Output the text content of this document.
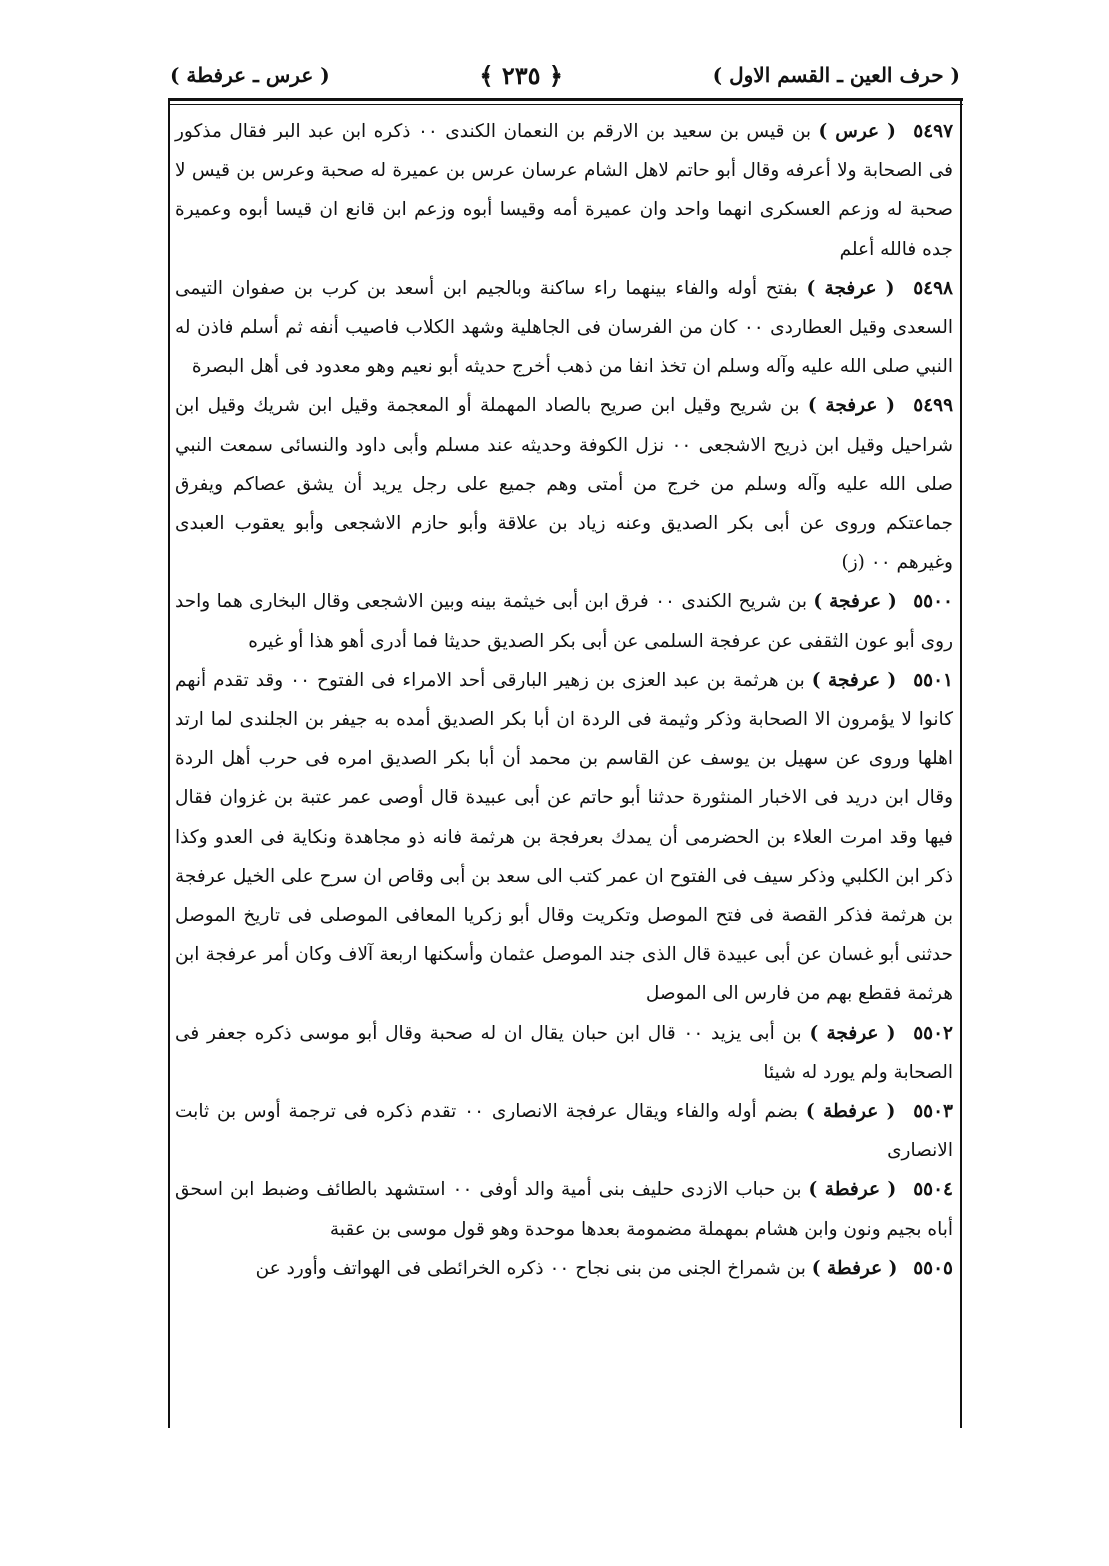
( حرف العين ـ القسم الاول )
﴿ ٢٣٥ ﴾
( عرس ـ عرفطة )

٥٤٩٧ ( عرس ) بن قيس بن سعيد بن الارقم بن النعمان الكندى ٠٠ ذكره ابن عبد البر فقال مذكور فى الصحابة ولا أعرفه وقال أبو حاتم لاهل الشام عرسان عرس بن عميرة له صحبة وعرس بن قيس لا صحبة له وزعم العسكرى انهما واحد وان عميرة أمه وقيسا أبوه وزعم ابن قانع ان قيسا أبوه وعميرة جده فالله أعلم

٥٤٩٨ ( عرفجة ) بفتح أوله والفاء بينهما راء ساكنة وبالجيم ابن أسعد بن كرب بن صفوان التيمى السعدى وقيل العطاردى ٠٠ كان من الفرسان فى الجاهلية وشهد الكلاب فاصيب أنفه ثم أسلم فاذن له النبي صلى الله عليه وآله وسلم ان تخذ انفا من ذهب أخرج حديثه أبو نعيم وهو معدود فى أهل البصرة

٥٤٩٩ ( عرفجة ) بن شريح وقيل ابن صريح بالصاد المهملة أو المعجمة وقيل ابن شريك وقيل ابن شراحيل وقيل ابن ذريح الاشجعى ٠٠ نزل الكوفة وحديثه عند مسلم وأبى داود والنسائى سمعت النبي صلى الله عليه وآله وسلم من خرج من أمتى وهم جميع على رجل يريد أن يشق عصاكم ويفرق جماعتكم وروى عن أبى بكر الصديق وعنه زياد بن علاقة وأبو حازم الاشجعى وأبو يعقوب العبدى وغيرهم ٠٠ (ز)

٥٥٠٠ ( عرفجة ) بن شريح الكندى ٠٠ فرق ابن أبى خيثمة بينه وبين الاشجعى وقال البخارى هما واحد روى أبو عون الثقفى عن عرفجة السلمى عن أبى بكر الصديق حديثا فما أدرى أهو هذا أو غيره

٥٥٠١ ( عرفجة ) بن هرثمة بن عبد العزى بن زهير البارقى أحد الامراء فى الفتوح ٠٠ وقد تقدم أنهم كانوا لا يؤمرون الا الصحابة وذكر وثيمة فى الردة ان أبا بكر الصديق أمده به جيفر بن الجلندى لما ارتد اهلها وروى عن سهيل بن يوسف عن القاسم بن محمد أن أبا بكر الصديق امره فى حرب أهل الردة وقال ابن دريد فى الاخبار المنثورة حدثنا أبو حاتم عن أبى عبيدة قال أوصى عمر عتبة بن غزوان فقال فيها وقد امرت العلاء بن الحضرمى أن يمدك بعرفجة بن هرثمة فانه ذو مجاهدة ونكاية فى العدو وكذا ذكر ابن الكلبي وذكر سيف فى الفتوح ان عمر كتب الى سعد بن أبى وقاص ان سرح على الخيل عرفجة بن هرثمة فذكر القصة فى فتح الموصل وتكريت وقال أبو زكريا المعافى الموصلى فى تاريخ الموصل حدثنى أبو غسان عن أبى عبيدة قال الذى جند الموصل عثمان وأسكنها اربعة آلاف وكان أمر عرفجة ابن هرثمة فقطع بهم من فارس الى الموصل

٥٥٠٢ ( عرفجة ) بن أبى يزيد ٠٠ قال ابن حبان يقال ان له صحبة وقال أبو موسى ذكره جعفر فى الصحابة ولم يورد له شيئا

٥٥٠٣ ( عرفطة ) بضم أوله والفاء ويقال عرفجة الانصارى ٠٠ تقدم ذكره فى ترجمة أوس بن ثابت الانصارى

٥٥٠٤ ( عرفطة ) بن حباب الازدى حليف بنى أمية والد أوفى ٠٠ استشهد بالطائف وضبط ابن اسحق أباه بجيم ونون وابن هشام بمهملة مضمومة بعدها موحدة وهو قول موسى بن عقبة

٥٥٠٥ ( عرفطة ) بن شمراخ الجنى من بنى نجاح ٠٠ ذكره الخرائطى فى الهواتف وأورد عن
